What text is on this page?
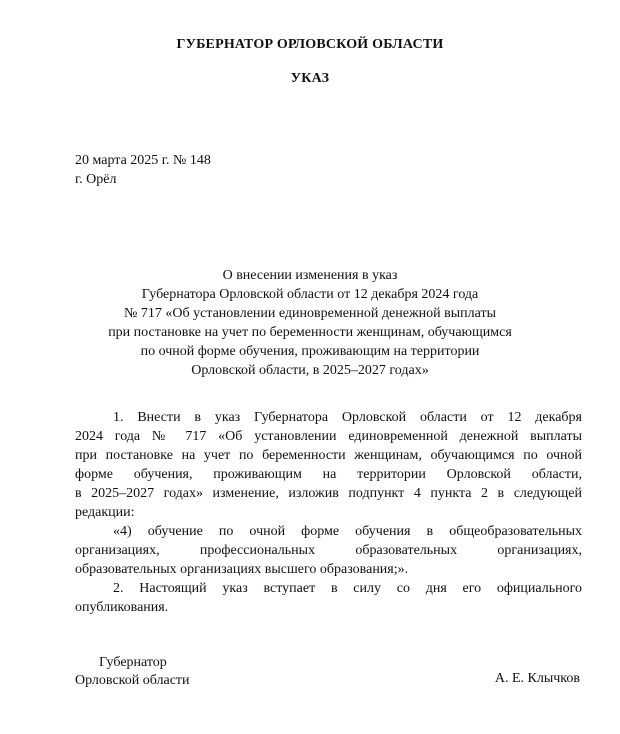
ГУБЕРНАТОР ОРЛОВСКОЙ ОБЛАСТИ
УКАЗ
20 марта 2025 г. № 148
г. Орёл
О внесении изменения в указ
Губернатора Орловской области от 12 декабря 2024 года
№ 717 «Об установлении единовременной денежной выплаты
при постановке на учет по беременности женщинам, обучающимся
по очной форме обучения, проживающим на территории
Орловской области, в 2025–2027 годах»
1. Внести в указ Губернатора Орловской области от 12 декабря
2024 года № 717 «Об установлении единовременной денежной выплаты
при постановке на учет по беременности женщинам, обучающимся по очной
форме обучения, проживающим на территории Орловской области,
в 2025–2027 годах» изменение, изложив подпункт 4 пункта 2 в следующей
редакции:
«4) обучение по очной форме обучения в общеобразовательных
организациях, профессиональных образовательных организациях,
образовательных организациях высшего образования;».
2. Настоящий указ вступает в силу со дня его официального
опубликования.
Губернатор
Орловской области	А. Е. Клычков
